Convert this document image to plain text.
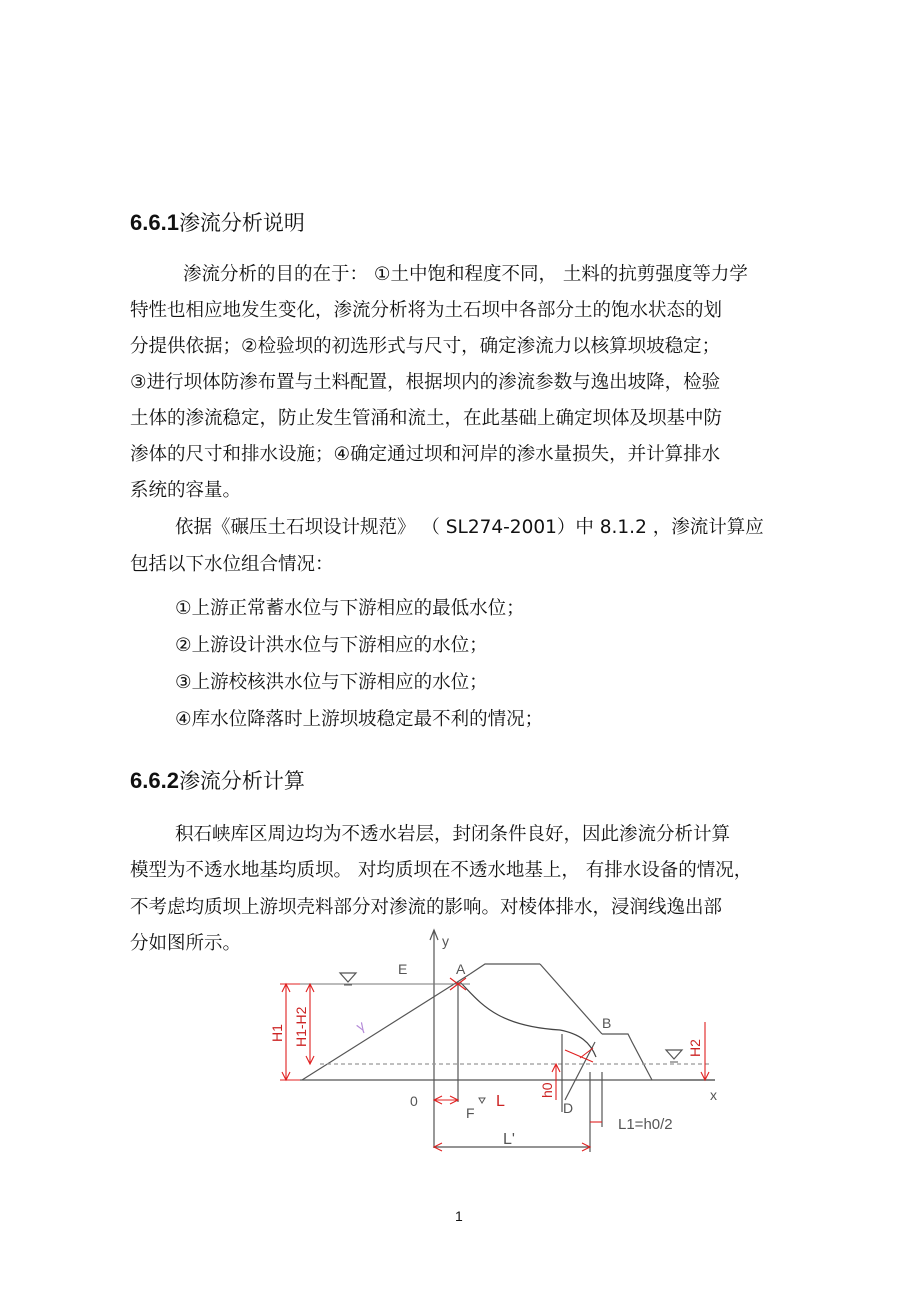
6.6.1渗流分析说明
渗流分析的目的在于： ①土中饱和程度不同， 土料的抗剪强度等力学
特性也相应地发生变化，渗流分析将为土石坝中各部分土的饱水状态的划
分提供依据；②检验坝的初选形式与尺寸，确定渗流力以核算坝坡稳定；
③进行坝体防渗布置与土料配置，根据坝内的渗流参数与逸出坡降，检验
土体的渗流稳定，防止发生管涌和流土，在此基础上确定坝体及坝基中防
渗体的尺寸和排水设施；④确定通过坝和河岸的渗水量损失，并计算排水
系统的容量。
依据《碾压土石坝设计规范》 （ SL274-2001）中 8.1.2 ，渗流计算应
包括以下水位组合情况：
①上游正常蓄水位与下游相应的最低水位；
②上游设计洪水位与下游相应的水位；
③上游校核洪水位与下游相应的水位；
④库水位降落时上游坝坡稳定最不利的情况；
6.6.2渗流分析计算
积石峡库区周边均为不透水岩层，封闭条件良好，因此渗流分析计算
模型为不透水地基均质坝。 对均质坝在不透水地基上， 有排水设备的情况，
不考虑均质坝上游坝壳料部分对渗流的影响。对棱体排水，浸润线逸出部
分如图所示。
γ
y
E	A
B
D
0
F
L
L'
L1=h0/2
x
H1 H1-H2
H2
h0
1
